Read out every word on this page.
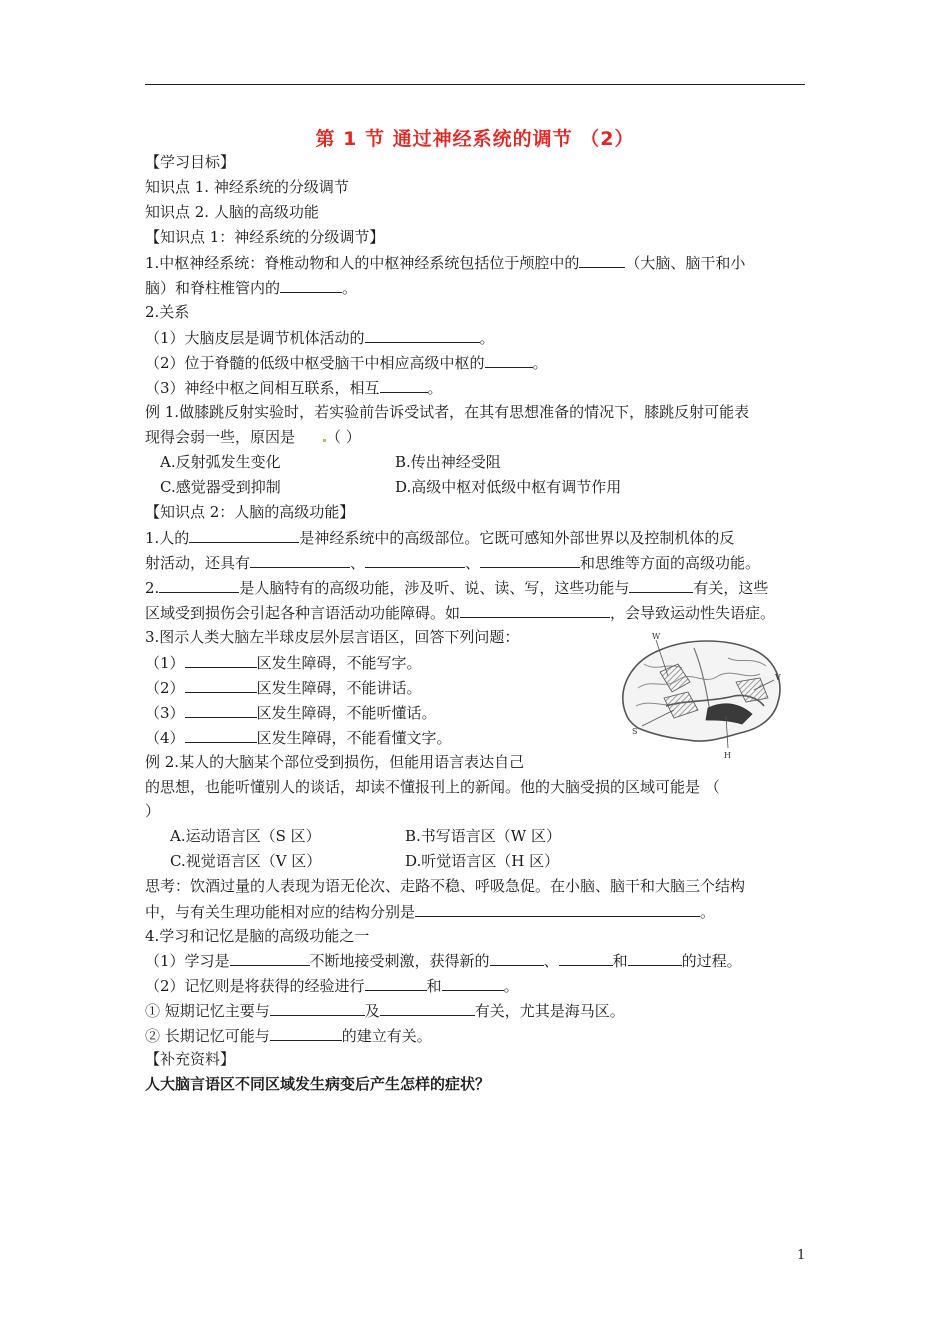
第 1 节 通过神经系统的调节 （2）
【学习目标】
知识点 1. 神经系统的分级调节
知识点 2. 人脑的高级功能
【知识点 1：神经系统的分级调节】
1.中枢神经系统：脊椎动物和人的中枢神经系统包括位于颅腔中的	（大脑、脑干和小
脑）和脊柱椎管内的	。
2.关系
（1）大脑皮层是调节机体活动的	。
（2）位于脊髓的低级中枢受脑干中相应高级中枢的	。
（3）神经中枢之间相互联系，相互	。
例 1.做膝跳反射实验时，若实验前告诉受试者，在其有思想准备的情况下，膝跳反射可能表
现得会弱一些，原因是 （ ）
A.反射弧发生变化	B.传出神经受阻
C.感觉器受到抑制	D.高级中枢对低级中枢有调节作用
【知识点 2：人脑的高级功能】
1.人的	是神经系统中的高级部位。它既可感知外部世界以及控制机体的反
射活动，还具有	、	、	和思维等方面的高级功能。
2.	是人脑特有的高级功能，涉及听、说、读、写，这些功能与	有关，这些
区域受到损伤会引起各种言语活动功能障碍。如	，会导致运动性失语症。
3.图示人类大脑左半球皮层外层言语区，回答下列问题：
（1）	区发生障碍，不能写字。
（2）	区发生障碍，不能讲话。
（3）	区发生障碍，不能听懂话。
（4）	区发生障碍，不能看懂文字。
W
V
S
H
例 2.某人的大脑某个部位受到损伤，但能用语言表达自己
的思想，也能听懂别人的谈话，却读不懂报刊上的新闻。他的大脑受损的区域可能是 （
）
A.运动语言区（S 区）	B.书写语言区（W 区）
C.视觉语言区（V 区）	D.听觉语言区（H 区）
思考：饮酒过量的人表现为语无伦次、走路不稳、呼吸急促。在小脑、脑干和大脑三个结构
中，与有关生理功能相对应的结构分别是	。
4.学习和记忆是脑的高级功能之一
（1）学习是	不断地接受刺激，获得新的	、	和	的过程。
（2）记忆则是将获得的经验进行	和	。
① 短期记忆主要与	及	有关，尤其是海马区。
② 长期记忆可能与	的建立有关。
【补充资料】
人大脑言语区不同区域发生病变后产生怎样的症状？
1
